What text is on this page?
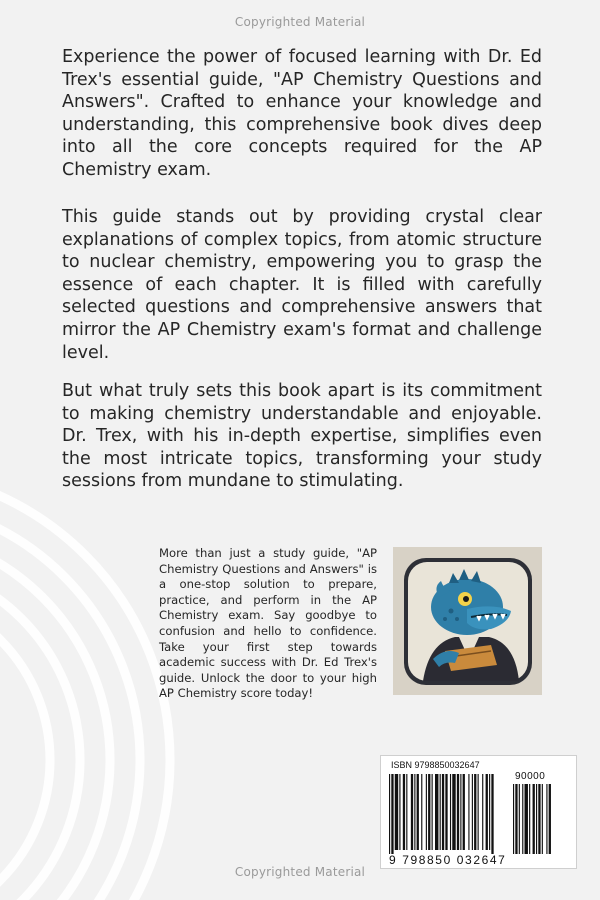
Copyrighted Material

Experience the power of focused learning with Dr. Ed Trex's essential guide, "AP Chemistry Questions and Answers". Crafted to enhance your knowledge and understanding, this comprehensive book dives deep into all the core concepts required for the AP Chemistry exam.

This guide stands out by providing crystal clear explanations of complex topics, from atomic structure to nuclear chemistry, empowering you to grasp the essence of each chapter. It is filled with carefully selected questions and comprehensive answers that mirror the AP Chemistry exam's format and challenge level.

But what truly sets this book apart is its commitment to making chemistry understandable and enjoyable. Dr. Trex, with his in-depth expertise, simplifies even the most intricate topics, transforming your study sessions from mundane to stimulating.

More than just a study guide, "AP Chemistry Questions and Answers" is a one-stop solution to prepare, practice, and perform in the AP Chemistry exam. Say goodbye to confusion and hello to confidence. Take your first step towards academic success with Dr. Ed Trex's guide. Unlock the door to your high AP Chemistry score today!

ISBN 9798850032647
90000
9 798850 032647
Copyrighted Material
